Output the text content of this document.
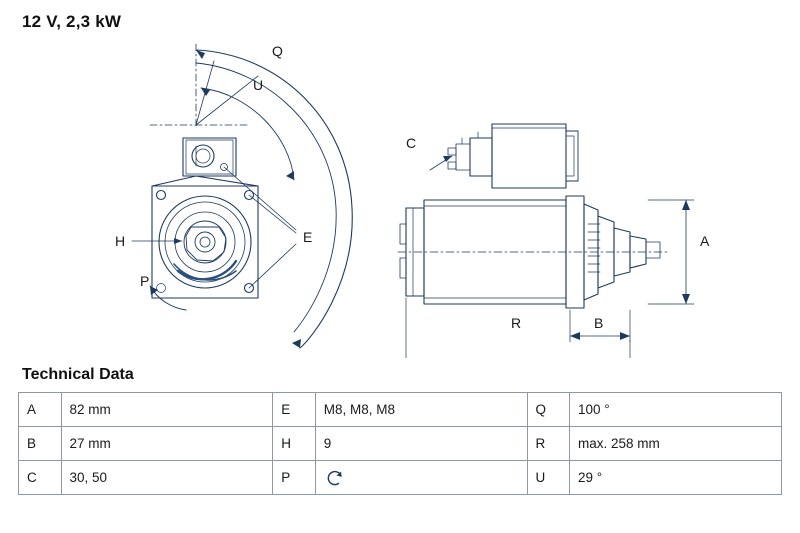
12 V, 2,3 kW
Q
U
E
H
P
C
A
B
R
Technical Data
A	82 mm	E	M8, M8, M8	Q	100 °
B	27 mm	H	9	R	max. 258 mm
C	30, 50	P		U	29 °
